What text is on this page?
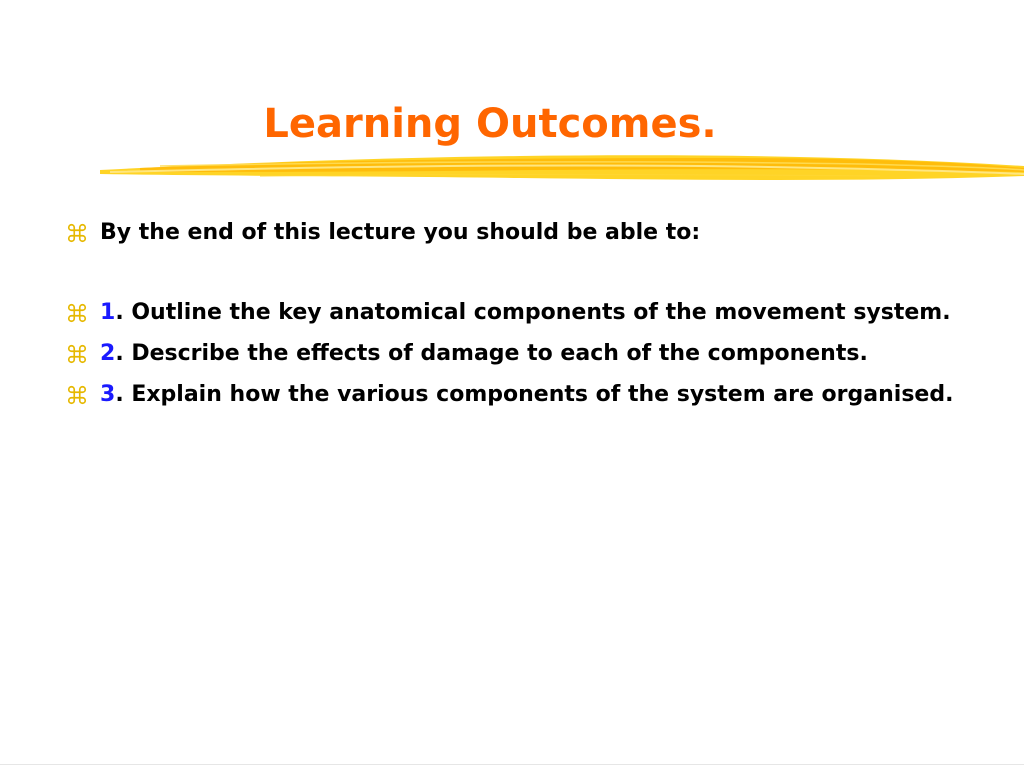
Learning Outcomes.
By the end of this lecture you should be able to:
1. Outline the key anatomical components of the movement system.
2. Describe the effects of damage to each of the components.
3. Explain how the various components of the system are organised.
